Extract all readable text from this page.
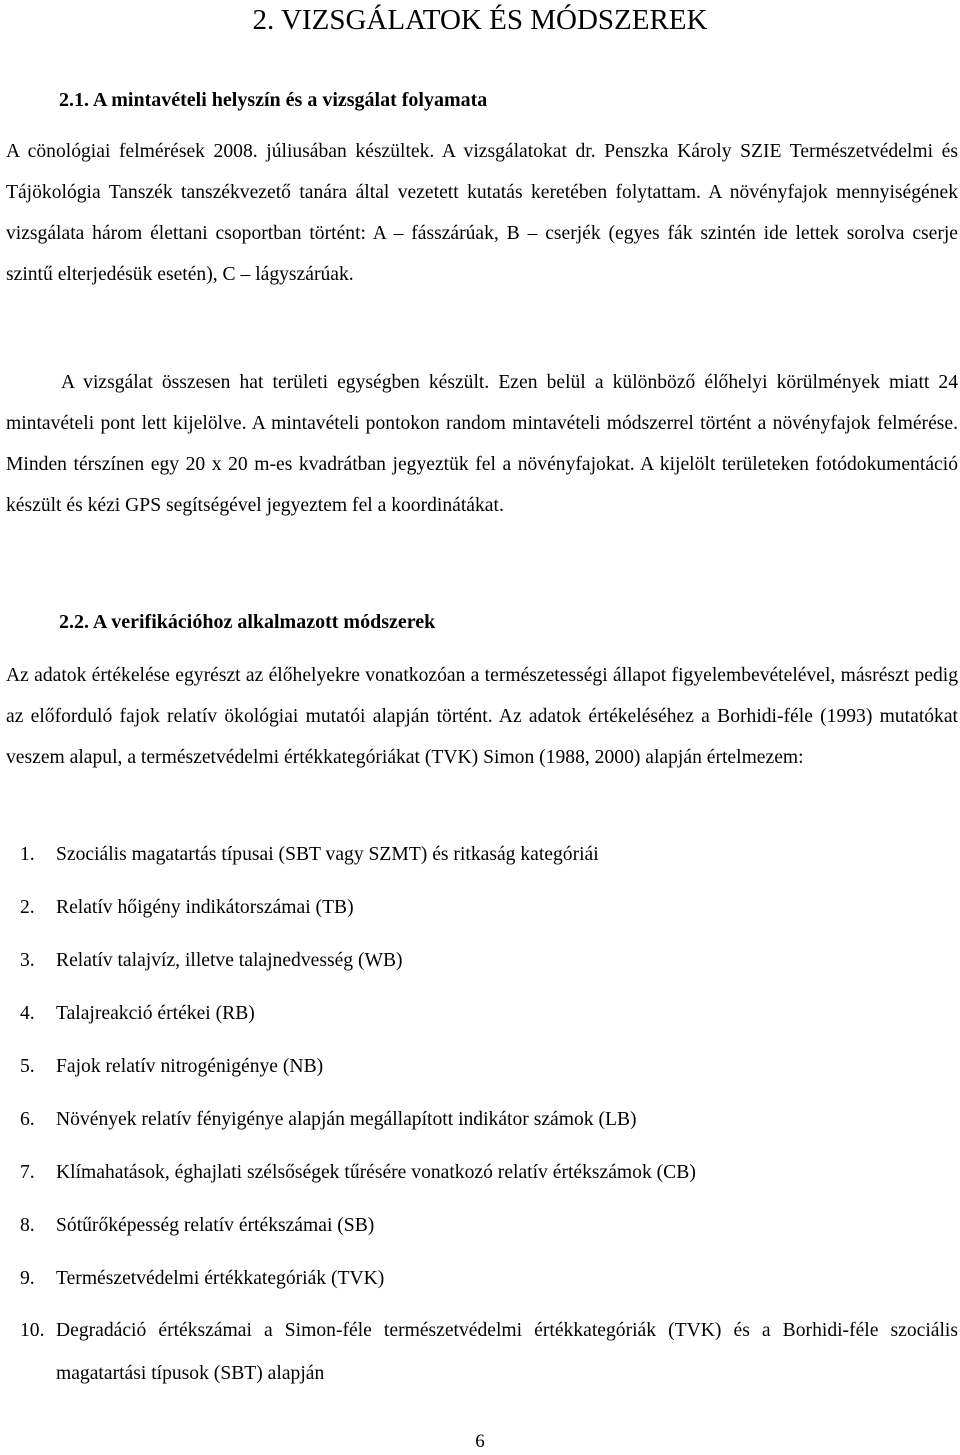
2. VIZSGÁLATOK ÉS MÓDSZEREK
2.1. A mintavételi helyszín és a vizsgálat folyamata

A cönológiai felmérések 2008. júliusában készültek. A vizsgálatokat dr. Penszka Károly SZIE Természetvédelmi és Tájökológia Tanszék tanszékvezető tanára által vezetett kutatás keretében folytattam. A növényfajok mennyiségének vizsgálata három élettani csoportban történt: A – fásszárúak, B – cserjék (egyes fák szintén ide lettek sorolva cserje szintű elterjedésük esetén), C – lágyszárúak.

A vizsgálat összesen hat területi egységben készült. Ezen belül a különböző élőhelyi körülmények miatt 24 mintavételi pont lett kijelölve. A mintavételi pontokon random mintavételi módszerrel történt a növényfajok felmérése. Minden térszínen egy 20 x 20 m-es kvadrátban jegyeztük fel a növényfajokat. A kijelölt területeken fotódokumentáció készült és kézi GPS segítségével jegyeztem fel a koordinátákat.

2.2. A verifikációhoz alkalmazott módszerek

Az adatok értékelése egyrészt az élőhelyekre vonatkozóan a természetességi állapot figyelembevételével, másrészt pedig az előforduló fajok relatív ökológiai mutatói alapján történt. Az adatok értékeléséhez a Borhidi-féle (1993) mutatókat veszem alapul, a természetvédelmi értékkategóriákat (TVK) Simon (1988, 2000) alapján értelmezem:

1. Szociális magatartás típusai (SBT vagy SZMT) és ritkaság kategóriái
2. Relatív hőigény indikátorszámai (TB)
3. Relatív talajvíz, illetve talajnedvesség (WB)
4. Talajreakció értékei (RB)
5. Fajok relatív nitrogénigénye (NB)
6. Növények relatív fényigénye alapján megállapított indikátor számok (LB)
7. Klímahatások, éghajlati szélsőségek tűrésére vonatkozó relatív értékszámok (CB)
8. Sótűrőképesség relatív értékszámai (SB)
9. Természetvédelmi értékkategóriák (TVK)
10. Degradáció értékszámai a Simon-féle természetvédelmi értékkategóriák (TVK) és a Borhidi-féle szociális magatartási típusok (SBT) alapján
6
